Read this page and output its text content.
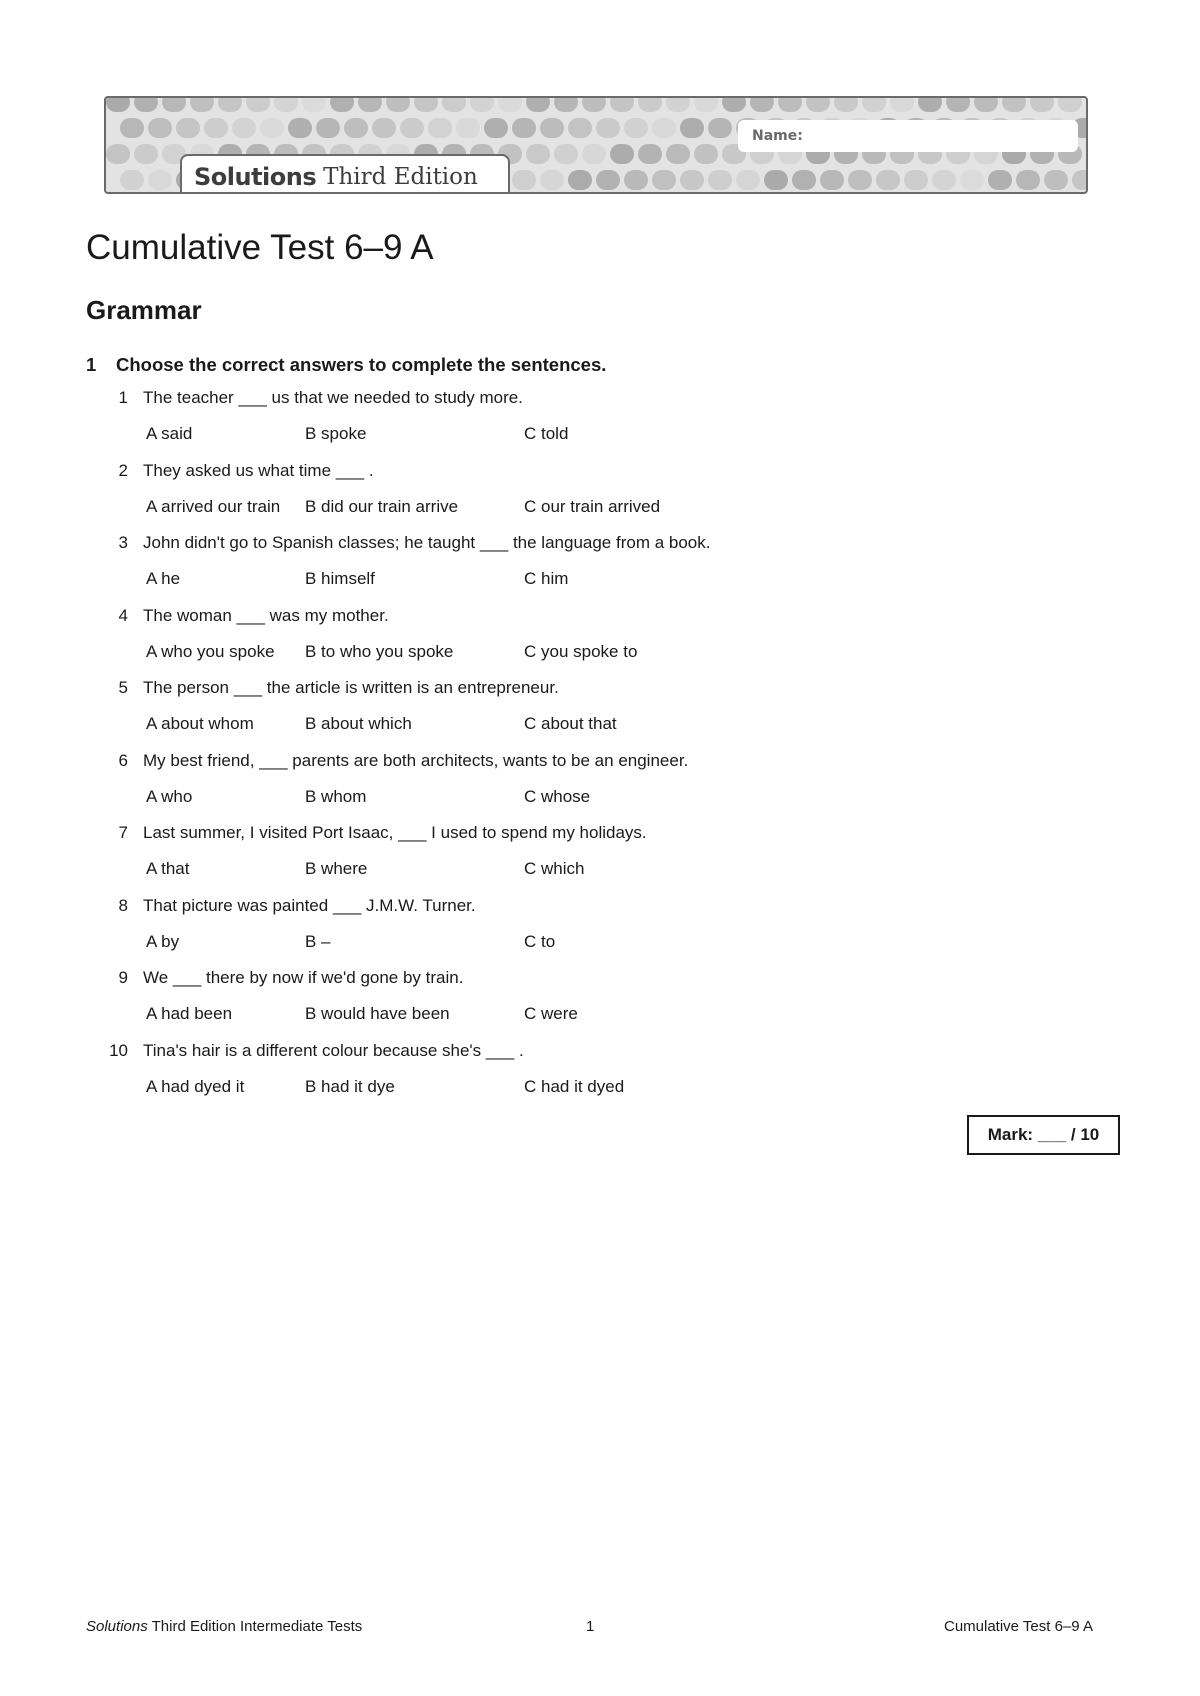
Name:
Solutions Third Edition
Cumulative Test 6–9 A
Grammar
1 Choose the correct answers to complete the sentences.
1 The teacher ___ us that we needed to study more.
A said	B spoke	C told
2 They asked us what time ___ .
A arrived our train B did our train arrive	C our train arrived
3 John didn't go to Spanish classes; he taught ___ the language from a book.
A he	B himself	C him
4 The woman ___ was my mother.
A who you spoke B to who you spoke	C you spoke to
5 The person ___ the article is written is an entrepreneur.
A about whom	B about which	C about that
6 My best friend, ___ parents are both architects, wants to be an engineer.
A who	B whom	C whose
7 Last summer, I visited Port Isaac, ___ I used to spend my holidays.
A that	B where	C which
8 That picture was painted ___ J.M.W. Turner.
A by	B –	C to
9 We ___ there by now if we'd gone by train.
A had been	B would have been	C were
10 Tina's hair is a different colour because she's ___ .
A had dyed it	B had it dye	C had it dyed
Mark: ___ / 10
Solutions Third Edition Intermediate Tests	1	Cumulative Test 6–9 A
